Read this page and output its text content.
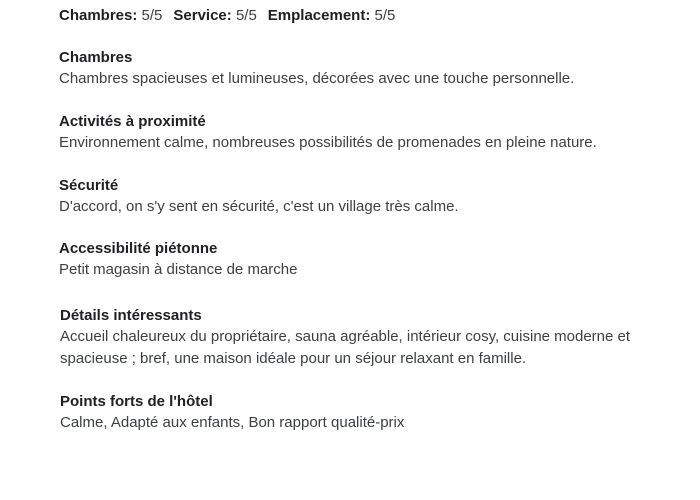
Chambres: 5/5 Service: 5/5 Emplacement: 5/5
Chambres
Chambres spacieuses et lumineuses, décorées avec une touche personnelle.
Activités à proximité
Environnement calme, nombreuses possibilités de promenades en pleine nature.
Sécurité
D'accord, on s'y sent en sécurité, c'est un village très calme.
Accessibilité piétonne
Petit magasin à distance de marche
Détails intéressants
Accueil chaleureux du propriétaire, sauna agréable, intérieur cosy, cuisine moderne et spacieuse ; bref, une maison idéale pour un séjour relaxant en famille.
Points forts de l'hôtel
Calme, Adapté aux enfants, Bon rapport qualité-prix
